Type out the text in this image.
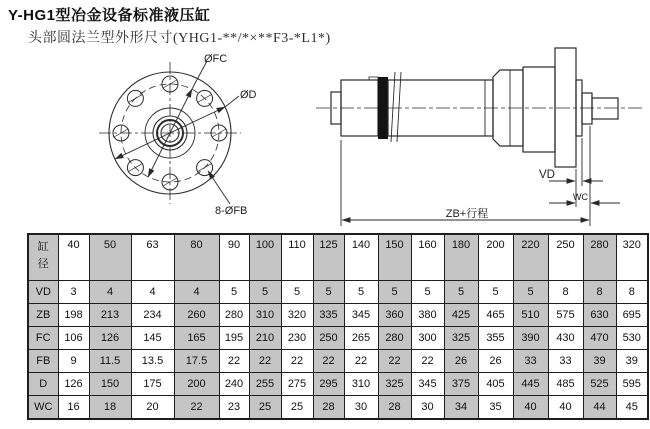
Y-HG1型冶金设备标准液压缸
头部圆法兰型外形尺寸(YHG1-**/*×**F3-*L1*)
ØFC
ØD
8-ØFB
VD
WC
ZB+行程
缸径	40	50	63	80	90	100	110	125	140	150	160	180	200	220	250	280	320
VD	3	4	4	4	5	5	5	5	5	5	5	5	5	5	8	8	8
ZB	198	213	234	260	280	310	320	335	345	360	380	425	465	510	575	630	695
FC	106	126	145	165	195	210	230	250	265	280	300	325	355	390	430	470	530
FB	9	11.5	13.5	17.5	22	22	22	22	22	22	22	26	26	33	33	39	39
D	126	150	175	200	240	255	275	295	310	325	345	375	405	445	485	525	595
WC	16	18	20	22	23	25	25	28	30	28	30	34	35	40	40	44	45
